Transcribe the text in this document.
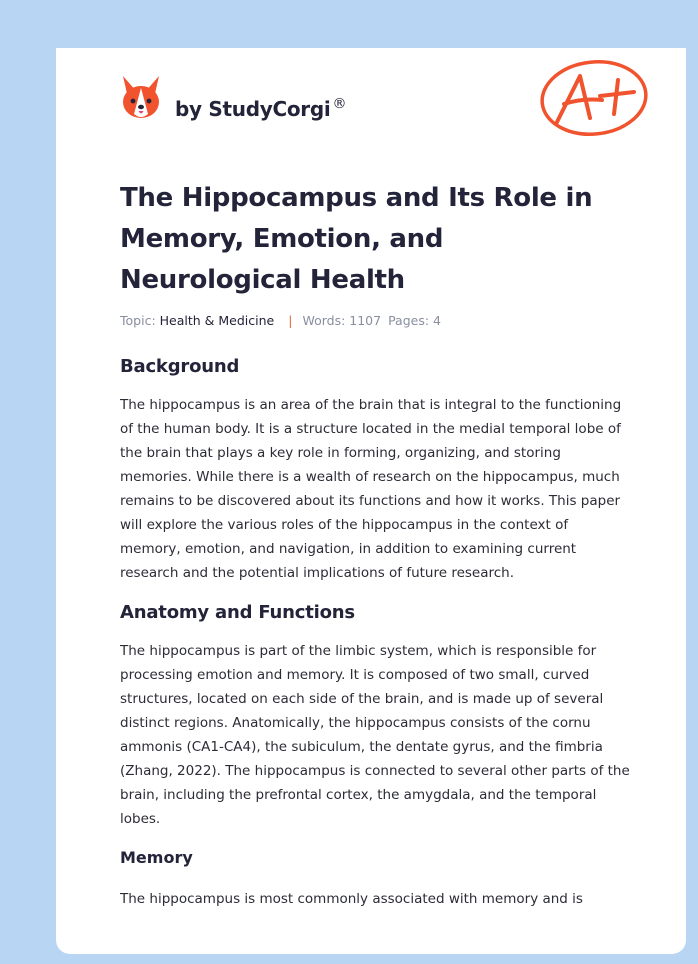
by StudyCorgi ®
The Hippocampus and Its Role in Memory, Emotion, and Neurological Health
Topic: Health & Medicine | Words: 1107 Pages: 4
Background

The hippocampus is an area of the brain that is integral to the functioning of the human body. It is a structure located in the medial temporal lobe of the brain that plays a key role in forming, organizing, and storing memories. While there is a wealth of research on the hippocampus, much remains to be discovered about its functions and how it works. This paper will explore the various roles of the hippocampus in the context of memory, emotion, and navigation, in addition to examining current research and the potential implications of future research.

Anatomy and Functions

The hippocampus is part of the limbic system, which is responsible for processing emotion and memory. It is composed of two small, curved structures, located on each side of the brain, and is made up of several distinct regions. Anatomically, the hippocampus consists of the cornu ammonis (CA1-CA4), the subiculum, the dentate gyrus, and the fimbria (Zhang, 2022). The hippocampus is connected to several other parts of the brain, including the prefrontal cortex, the amygdala, and the temporal lobes.

Memory

The hippocampus is most commonly associated with memory and is
